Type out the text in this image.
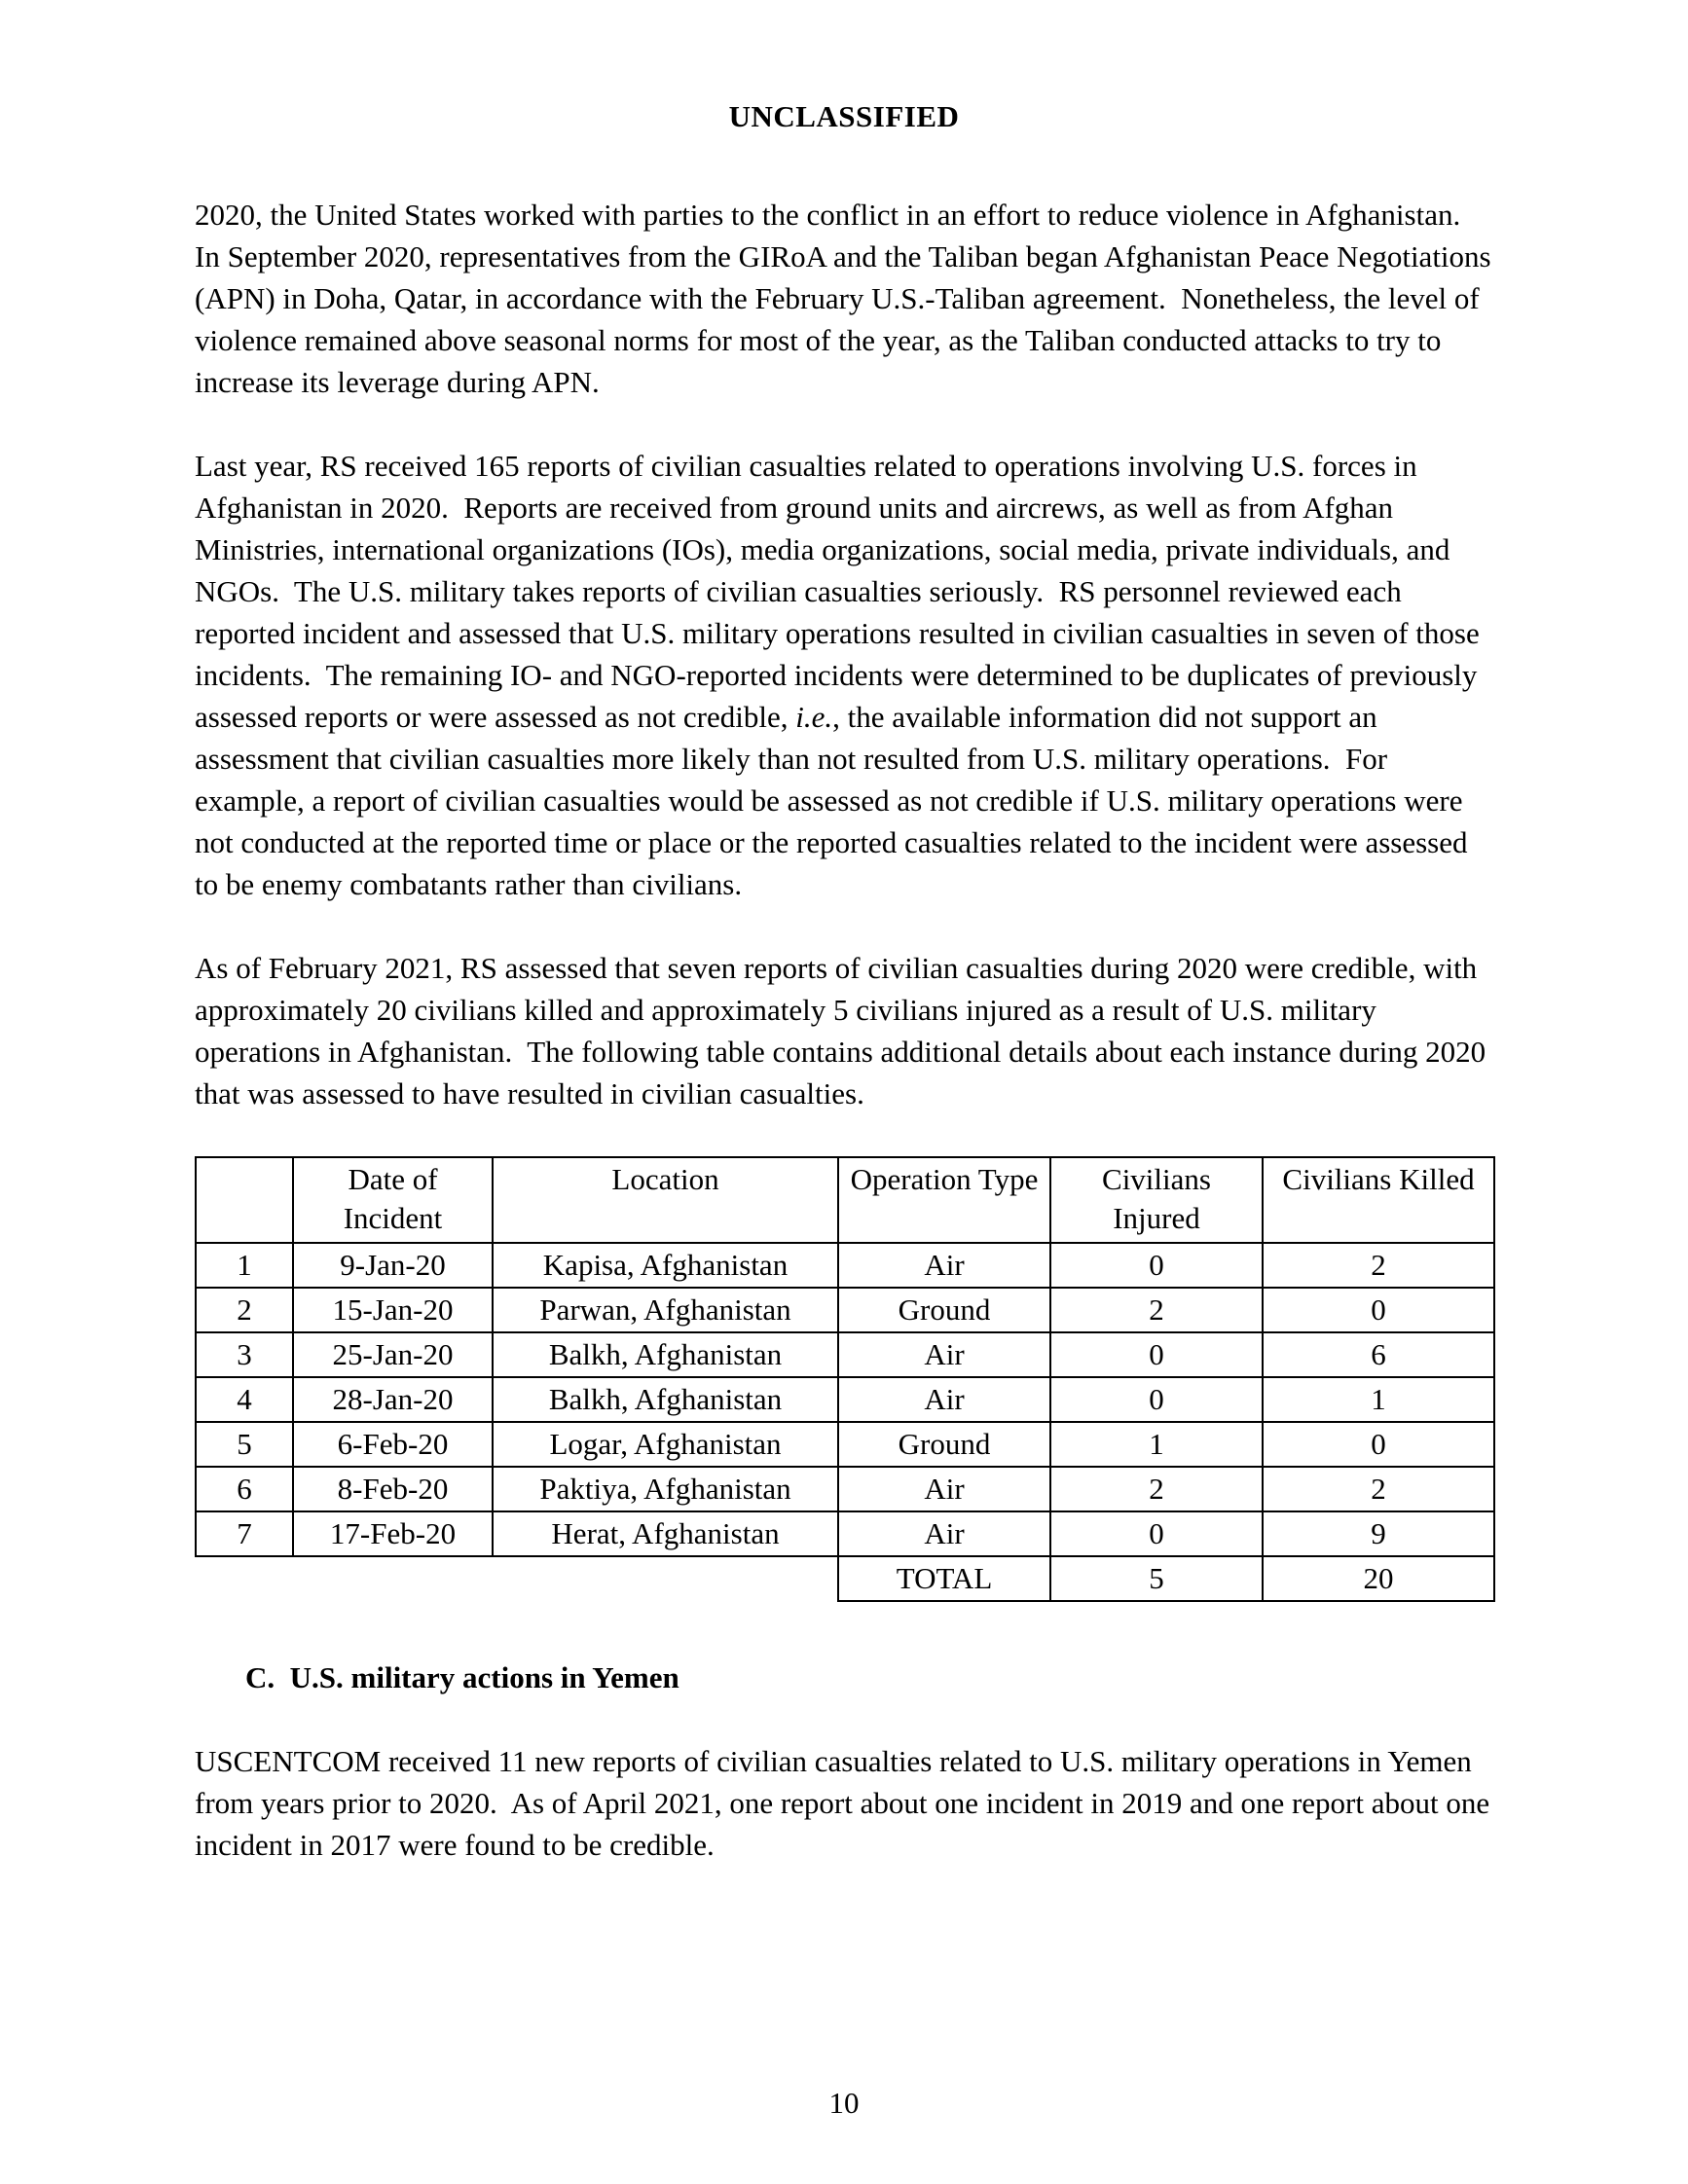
UNCLASSIFIED

2020, the United States worked with parties to the conflict in an effort to reduce violence in Afghanistan.  In September 2020, representatives from the GIRoA and the Taliban began Afghanistan Peace Negotiations (APN) in Doha, Qatar, in accordance with the February U.S.-Taliban agreement.  Nonetheless, the level of violence remained above seasonal norms for most of the year, as the Taliban conducted attacks to try to increase its leverage during APN.

Last year, RS received 165 reports of civilian casualties related to operations involving U.S. forces in Afghanistan in 2020.  Reports are received from ground units and aircrews, as well as from Afghan Ministries, international organizations (IOs), media organizations, social media, private individuals, and NGOs.  The U.S. military takes reports of civilian casualties seriously.  RS personnel reviewed each reported incident and assessed that U.S. military operations resulted in civilian casualties in seven of those incidents.  The remaining IO- and NGO-reported incidents were determined to be duplicates of previously assessed reports or were assessed as not credible, i.e., the available information did not support an assessment that civilian casualties more likely than not resulted from U.S. military operations.  For example, a report of civilian casualties would be assessed as not credible if U.S. military operations were not conducted at the reported time or place or the reported casualties related to the incident were assessed to be enemy combatants rather than civilians.

As of February 2021, RS assessed that seven reports of civilian casualties during 2020 were credible, with approximately 20 civilians killed and approximately 5 civilians injured as a result of U.S. military operations in Afghanistan.  The following table contains additional details about each instance during 2020 that was assessed to have resulted in civilian casualties.

	Date of Incident	Location	Operation Type	Civilians Injured	Civilians Killed
1	9-Jan-20	Kapisa, Afghanistan	Air	0	2
2	15-Jan-20	Parwan, Afghanistan	Ground	2	0
3	25-Jan-20	Balkh, Afghanistan	Air	0	6
4	28-Jan-20	Balkh, Afghanistan	Air	0	1
5	6-Feb-20	Logar, Afghanistan	Ground	1	0
6	8-Feb-20	Paktiya, Afghanistan	Air	2	2
7	17-Feb-20	Herat, Afghanistan	Air	0	9
			TOTAL	5	20
C.  U.S. military actions in Yemen

USCENTCOM received 11 new reports of civilian casualties related to U.S. military operations in Yemen from years prior to 2020.  As of April 2021, one report about one incident in 2019 and one report about one incident in 2017 were found to be credible.

10
